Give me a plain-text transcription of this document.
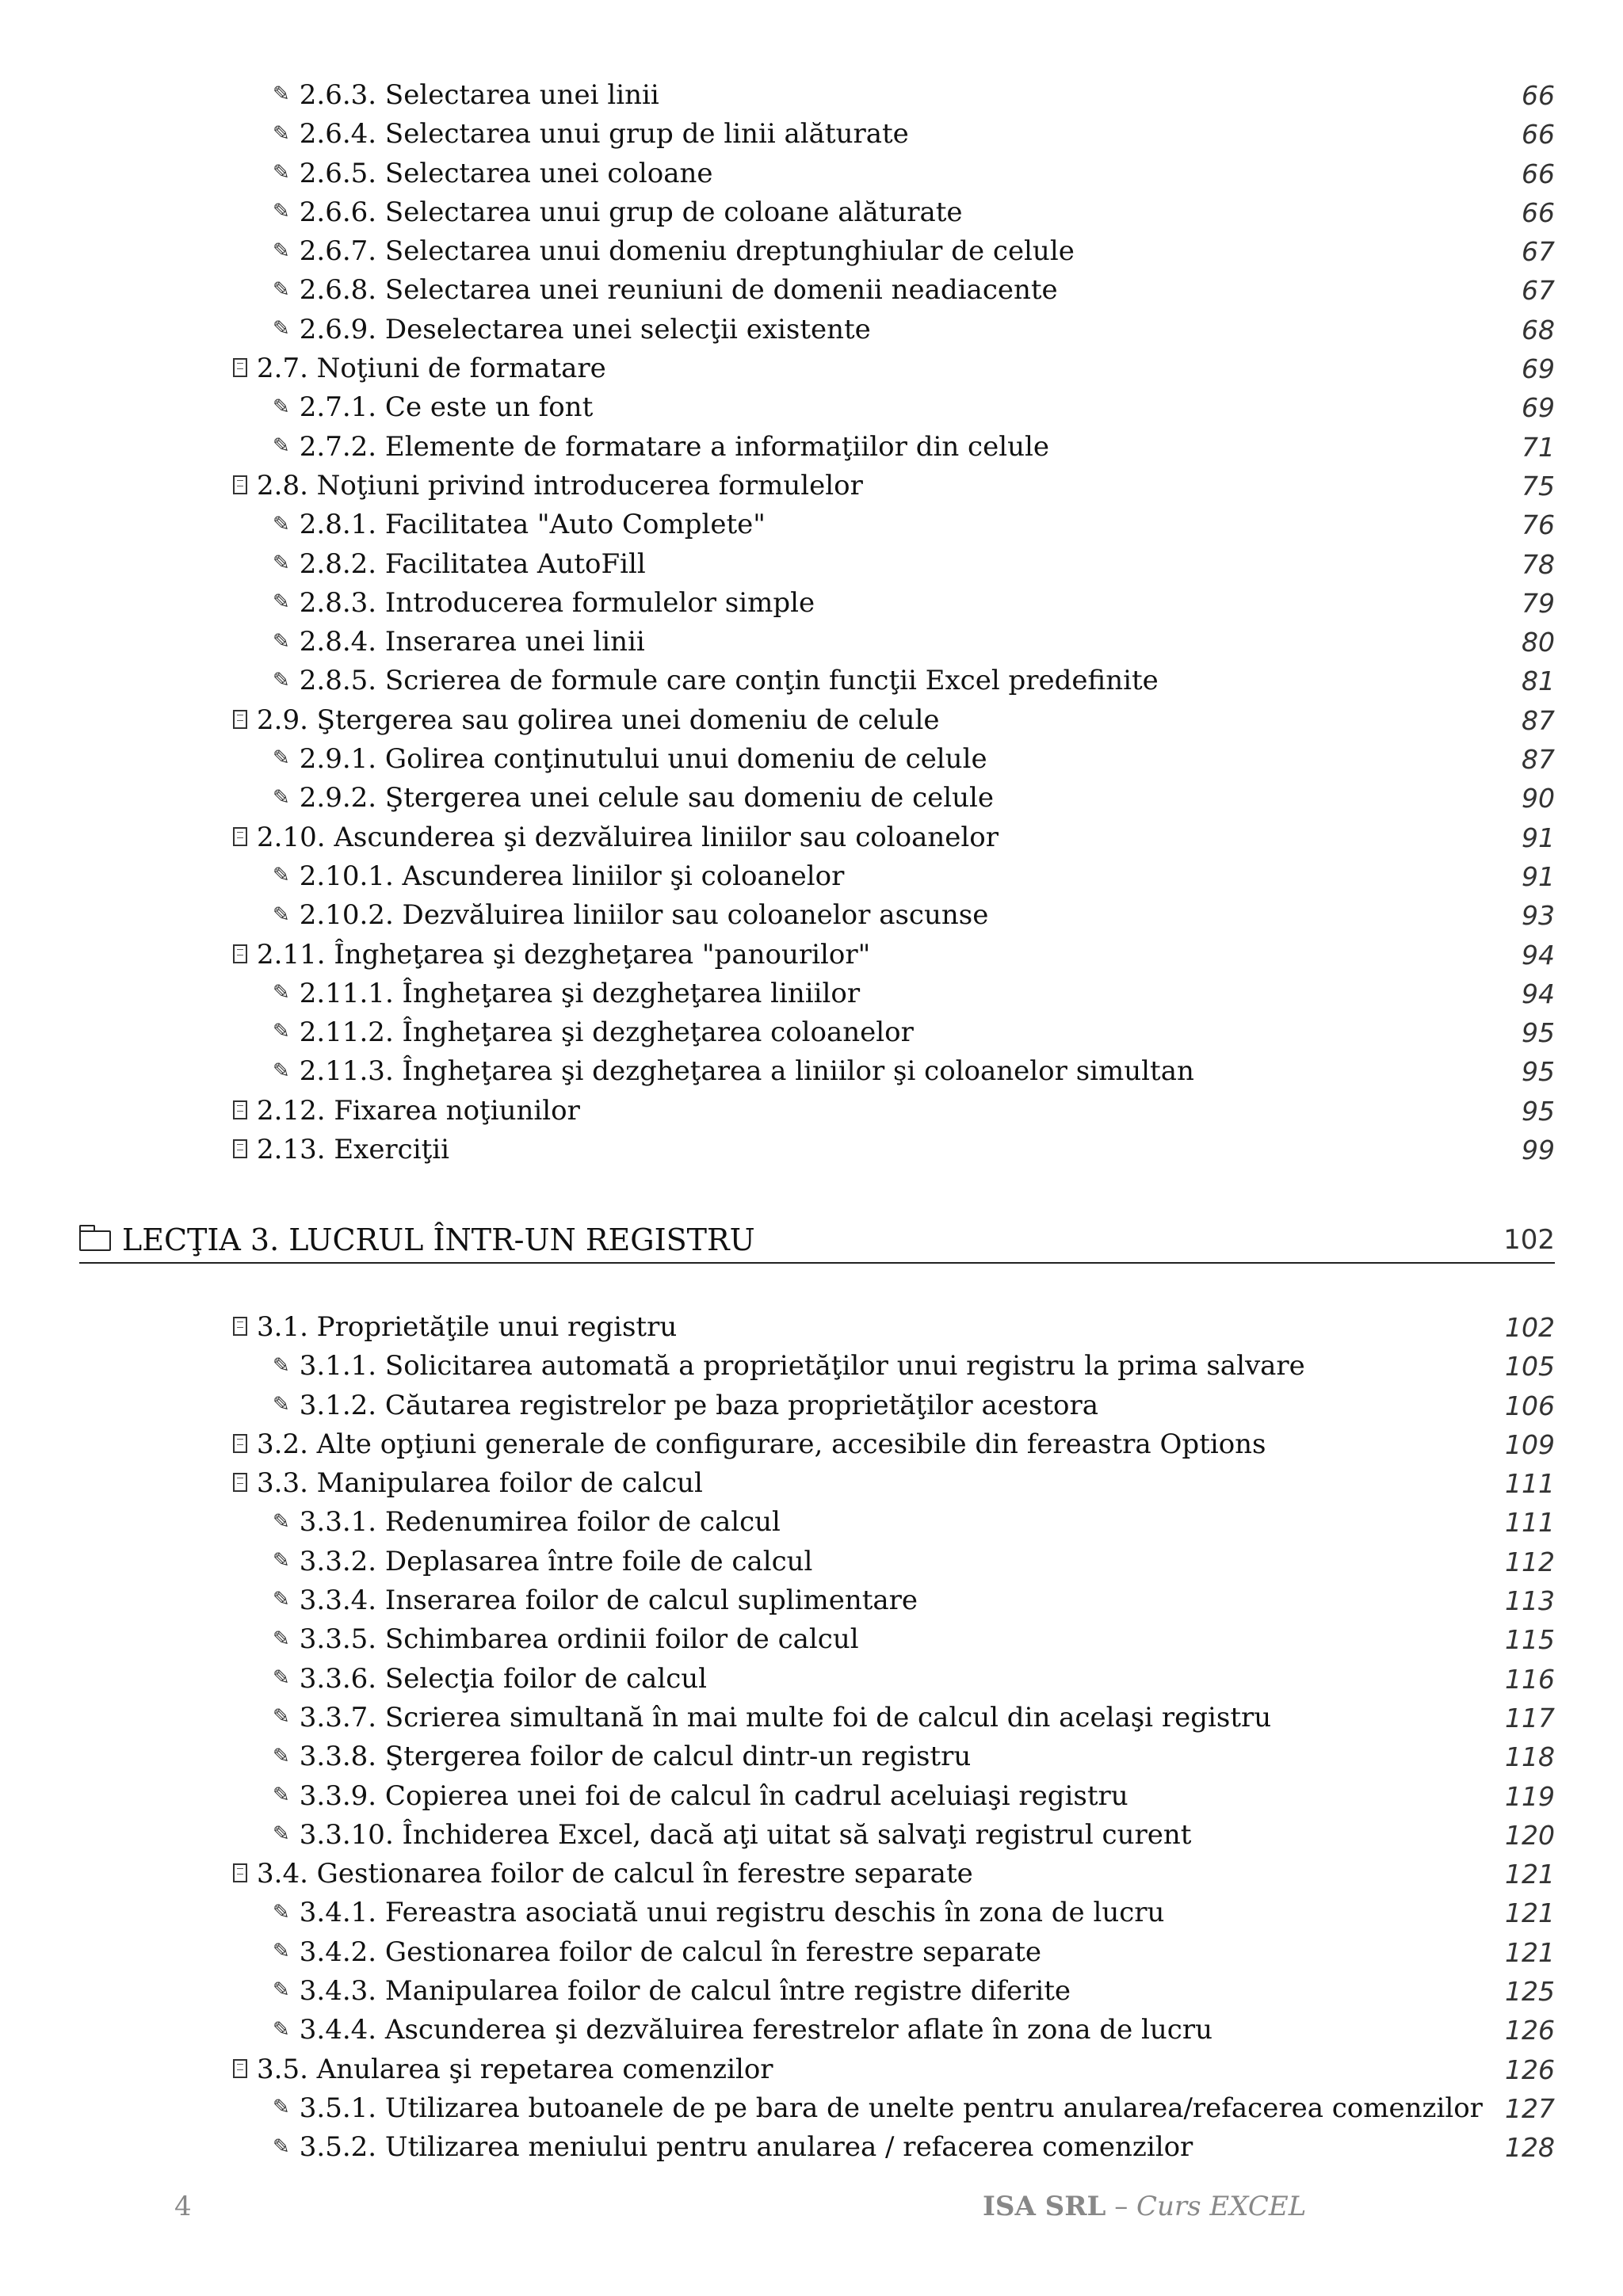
✎ 2.6.3. Selectarea unei linii	66
✎ 2.6.4. Selectarea unui grup de linii alăturate	66
✎ 2.6.5. Selectarea unei coloane	66
✎ 2.6.6. Selectarea unui grup de coloane alăturate	66
✎ 2.6.7. Selectarea unui domeniu dreptunghiular de celule	67
✎ 2.6.8. Selectarea unei reuniuni de domenii neadiacente	67
✎ 2.6.9. Deselectarea unei selecţii existente	68
2.7. Noţiuni de formatare	69
✎ 2.7.1. Ce este un font	69
✎ 2.7.2. Elemente de formatare a informaţiilor din celule	71
2.8. Noţiuni privind introducerea formulelor	75
✎ 2.8.1. Facilitatea "Auto Complete"	76
✎ 2.8.2. Facilitatea AutoFill	78
✎ 2.8.3. Introducerea formulelor simple	79
✎ 2.8.4. Inserarea unei linii	80
✎ 2.8.5. Scrierea de formule care conţin funcţii Excel predefinite	81
2.9. Ştergerea sau golirea unei domeniu de celule	87
✎ 2.9.1. Golirea conţinutului unui domeniu de celule	87
✎ 2.9.2. Ştergerea unei celule sau domeniu de celule	90
2.10. Ascunderea şi dezvăluirea liniilor sau coloanelor	91
✎ 2.10.1. Ascunderea liniilor şi coloanelor	91
✎ 2.10.2. Dezvăluirea liniilor sau coloanelor ascunse	93
2.11. Îngheţarea şi dezgheţarea "panourilor"	94
✎ 2.11.1. Îngheţarea şi dezgheţarea liniilor	94
✎ 2.11.2. Îngheţarea şi dezgheţarea coloanelor	95
✎ 2.11.3. Îngheţarea şi dezgheţarea a liniilor şi coloanelor simultan	95
2.12. Fixarea noţiunilor	95
2.13. Exerciţii	99
LECŢIA 3. LUCRUL ÎNTR-UN REGISTRU	102
3.1. Proprietăţile unui registru	102
✎ 3.1.1. Solicitarea automată a proprietăţilor unui registru la prima salvare	105
✎ 3.1.2. Căutarea registrelor pe baza proprietăţilor acestora	106
3.2. Alte opţiuni generale de configurare, accesibile din fereastra Options	109
3.3. Manipularea foilor de calcul	111
✎ 3.3.1. Redenumirea foilor de calcul	111
✎ 3.3.2. Deplasarea între foile de calcul	112
✎ 3.3.4. Inserarea foilor de calcul suplimentare	113
✎ 3.3.5. Schimbarea ordinii foilor de calcul	115
✎ 3.3.6. Selecţia foilor de calcul	116
✎ 3.3.7. Scrierea simultană în mai multe foi de calcul din acelaşi registru	117
✎ 3.3.8. Ştergerea foilor de calcul dintr-un registru	118
✎ 3.3.9. Copierea unei foi de calcul în cadrul aceluiaşi registru	119
✎ 3.3.10. Închiderea Excel, dacă aţi uitat să salvaţi registrul curent	120
3.4. Gestionarea foilor de calcul în ferestre separate	121
✎ 3.4.1. Fereastra asociată unui registru deschis în zona de lucru	121
✎ 3.4.2. Gestionarea foilor de calcul în ferestre separate	121
✎ 3.4.3. Manipularea foilor de calcul între registre diferite	125
✎ 3.4.4. Ascunderea şi dezvăluirea ferestrelor aflate în zona de lucru	126
3.5. Anularea şi repetarea comenzilor	126
✎ 3.5.1. Utilizarea butoanele de pe bara de unelte pentru anularea/refacerea comenzilor 127
✎ 3.5.2. Utilizarea meniului pentru anularea / refacerea comenzilor	128
4	ISA SRL – Curs EXCEL
